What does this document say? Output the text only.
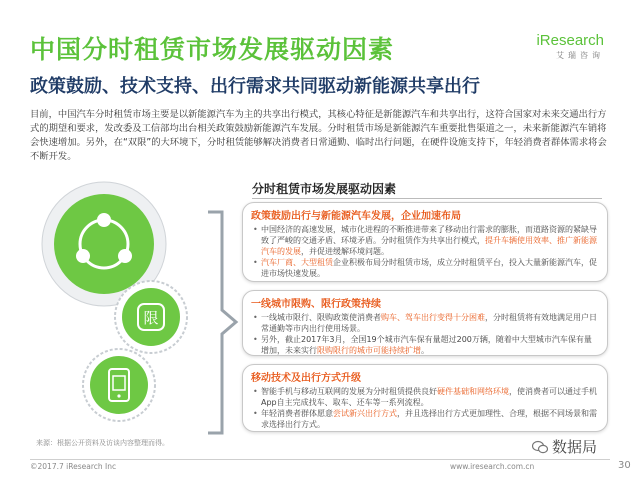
中国分时租赁市场发展驱动因素
政策鼓励、技术支持、出行需求共同驱动新能源共享出行
iResearch
艾瑞咨询
目前，中国汽车分时租赁市场主要是以新能源汽车为主的共享出行模式，其核心特征是新能源汽车和共享出行，这符合国家对未来交通出行方式的期望和要求，发改委及工信部均出台相关政策鼓励新能源汽车发展。分时租赁市场是新能源汽车重要批售渠道之一，未来新能源汽车销将会快速增加。另外，在“双限”的大环境下，分时租赁能够解决消费者日常通勤、临时出行问题，在硬件设施支持下，年轻消费者群体需求将会不断开发。
分时租赁市场发展驱动因素
限
政策鼓励出行与新能源汽车发展，企业加速布局
• 中国经济的高速发展，城市化进程的不断推进带来了移动出行需求的膨胀，而道路资源的紧缺导致了严峻的交通矛盾、环境矛盾。分时租赁作为共享出行模式，提升车辆使用效率、推广新能源汽车的发展，并促进缓解环境问题。
• 汽车厂商、大型租赁企业积极布局分时租赁市场，成立分时租赁平台，投入大量新能源汽车，促进市场快速发展。
一线城市限购、限行政策持续
• 一线城市限行、限购政策使消费者购车、驾车出行变得十分困难，分时租赁将有效地满足用户日常通勤等市内出行使用场景。
• 另外，截止2017年3月，全国19个城市汽车保有量超过200万辆，随着中大型城市汽车保有量增加，未来实行限购限行的城市可能持续扩增。
移动技术及出行方式升级
• 智能手机与移动互联网的发展为分时租赁提供良好硬件基础和网络环境，使消费者可以通过手机App自主完成找车、取车、还车等一系列流程。
• 年轻消费者群体愿意尝试新兴出行方式，并且选择出行方式更加理性、合理，根据不同场景和需求选择出行方式。
来源：根据公开资料及访谈内容整理而得。	数据局
©2017.7 iResearch Inc	www.iresearch.com.cn	30
